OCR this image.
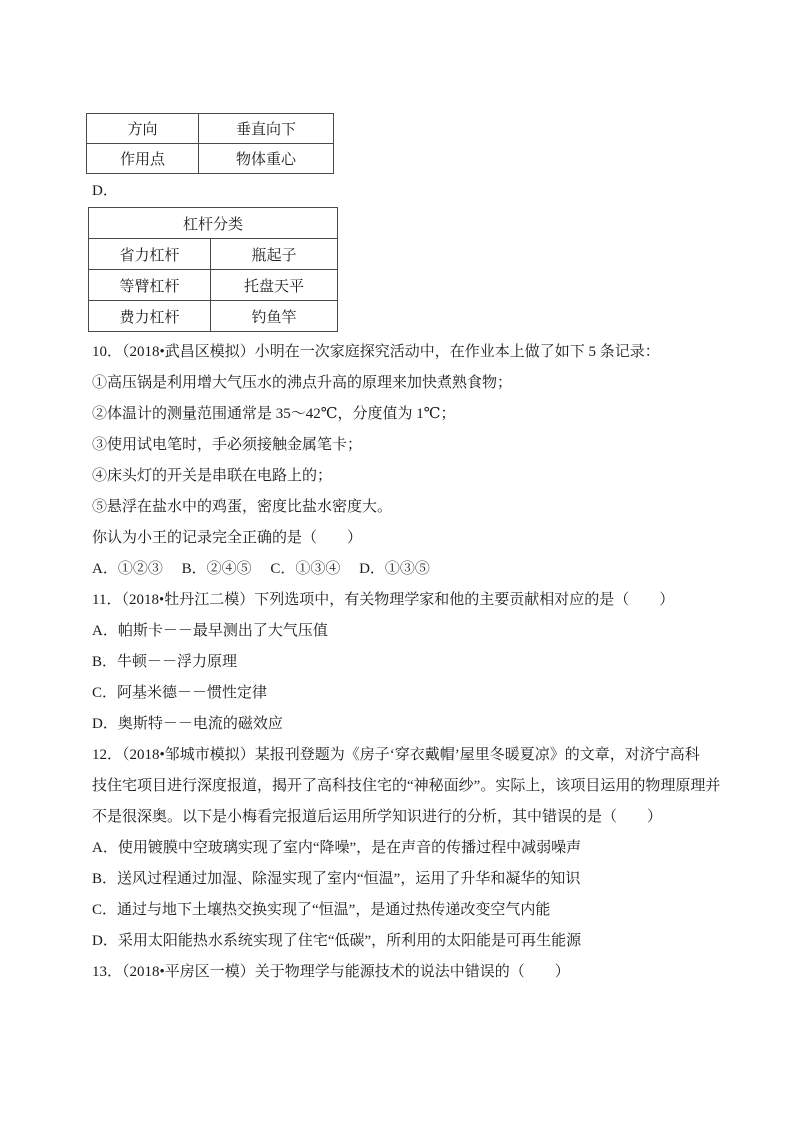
方向	垂直向下
作用点	物体重心
D．
杠杆分类	
省力杠杆	瓶起子
等臂杠杆	托盘天平
费力杠杆	钓鱼竿
10．（2018•武昌区模拟）小明在一次家庭探究活动中，在作业本上做了如下 5 条记录：
①高压锅是利用增大气压水的沸点升高的原理来加快煮熟食物；
②体温计的测量范围通常是 35～42℃，分度值为 1℃；
③使用试电笔时，手必须接触金属笔卡；
④床头灯的开关是串联在电路上的；
⑤悬浮在盐水中的鸡蛋，密度比盐水密度大。
你认为小王的记录完全正确的是（　　）
A．①②③　 B．②④⑤　 C．①③④　 D．①③⑤
11．（2018•牡丹江二模）下列选项中，有关物理学家和他的主要贡献相对应的是（　　）
A．帕斯卡－－最早测出了大气压值
B．牛顿－－浮力原理
C．阿基米德－－惯性定律
D．奥斯特－－电流的磁效应
12．（2018•邹城市模拟）某报刊登题为《房子‘穿衣戴帽’屋里冬暖夏凉》的文章，对济宁高科
技住宅项目进行深度报道，揭开了高科技住宅的“神秘面纱”。实际上，该项目运用的物理原理并
不是很深奥。以下是小梅看完报道后运用所学知识进行的分析，其中错误的是（　　）
A．使用镀膜中空玻璃实现了室内“降噪”，是在声音的传播过程中减弱噪声
B．送风过程通过加湿、除湿实现了室内“恒温”，运用了升华和凝华的知识
C．通过与地下土壤热交换实现了“恒温”，是通过热传递改变空气内能
D．采用太阳能热水系统实现了住宅“低碳”，所利用的太阳能是可再生能源
13．（2018•平房区一模）关于物理学与能源技术的说法中错误的（　　）
